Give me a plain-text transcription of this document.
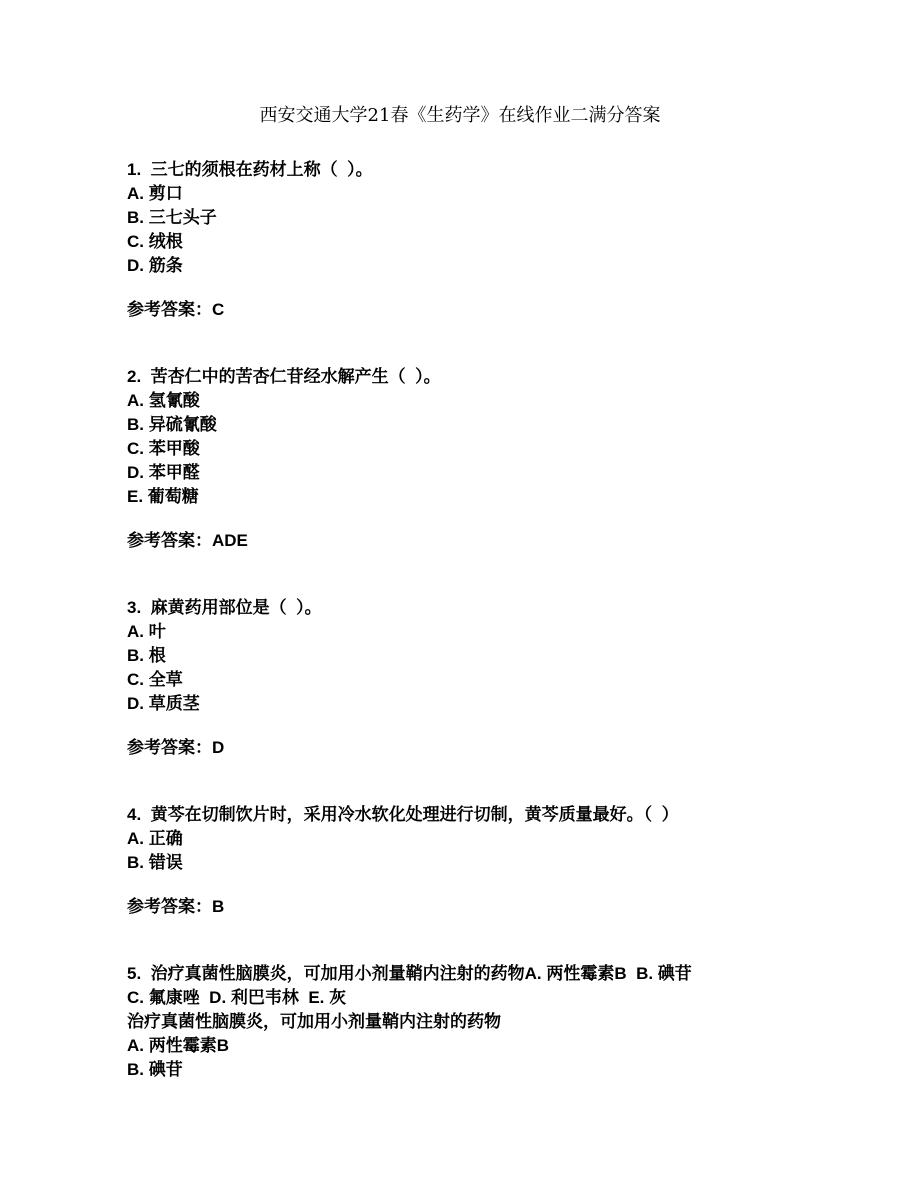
西安交通大学21春《生药学》在线作业二满分答案

1.  三七的须根在药材上称（  ）。

A. 剪口

B. 三七头子

C. 绒根

D. 筋条

参考答案：C

2.  苦杏仁中的苦杏仁苷经水解产生（  ）。

A. 氢氰酸

B. 异硫氰酸

C. 苯甲酸

D. 苯甲醛

E. 葡萄糖

参考答案：ADE

3.  麻黄药用部位是（  ）。

A. 叶

B. 根

C. 全草

D. 草质茎

参考答案：D

4.  黄芩在切制饮片时，采用冷水软化处理进行切制，黄芩质量最好。（  ）

A. 正确

B. 错误

参考答案：B

5.  治疗真菌性脑膜炎，可加用小剂量鞘内注射的药物A. 两性霉素B  B. 碘苷

C. 氟康唑  D. 利巴韦林  E. 灰

治疗真菌性脑膜炎，可加用小剂量鞘内注射的药物

A. 两性霉素B

B. 碘苷
